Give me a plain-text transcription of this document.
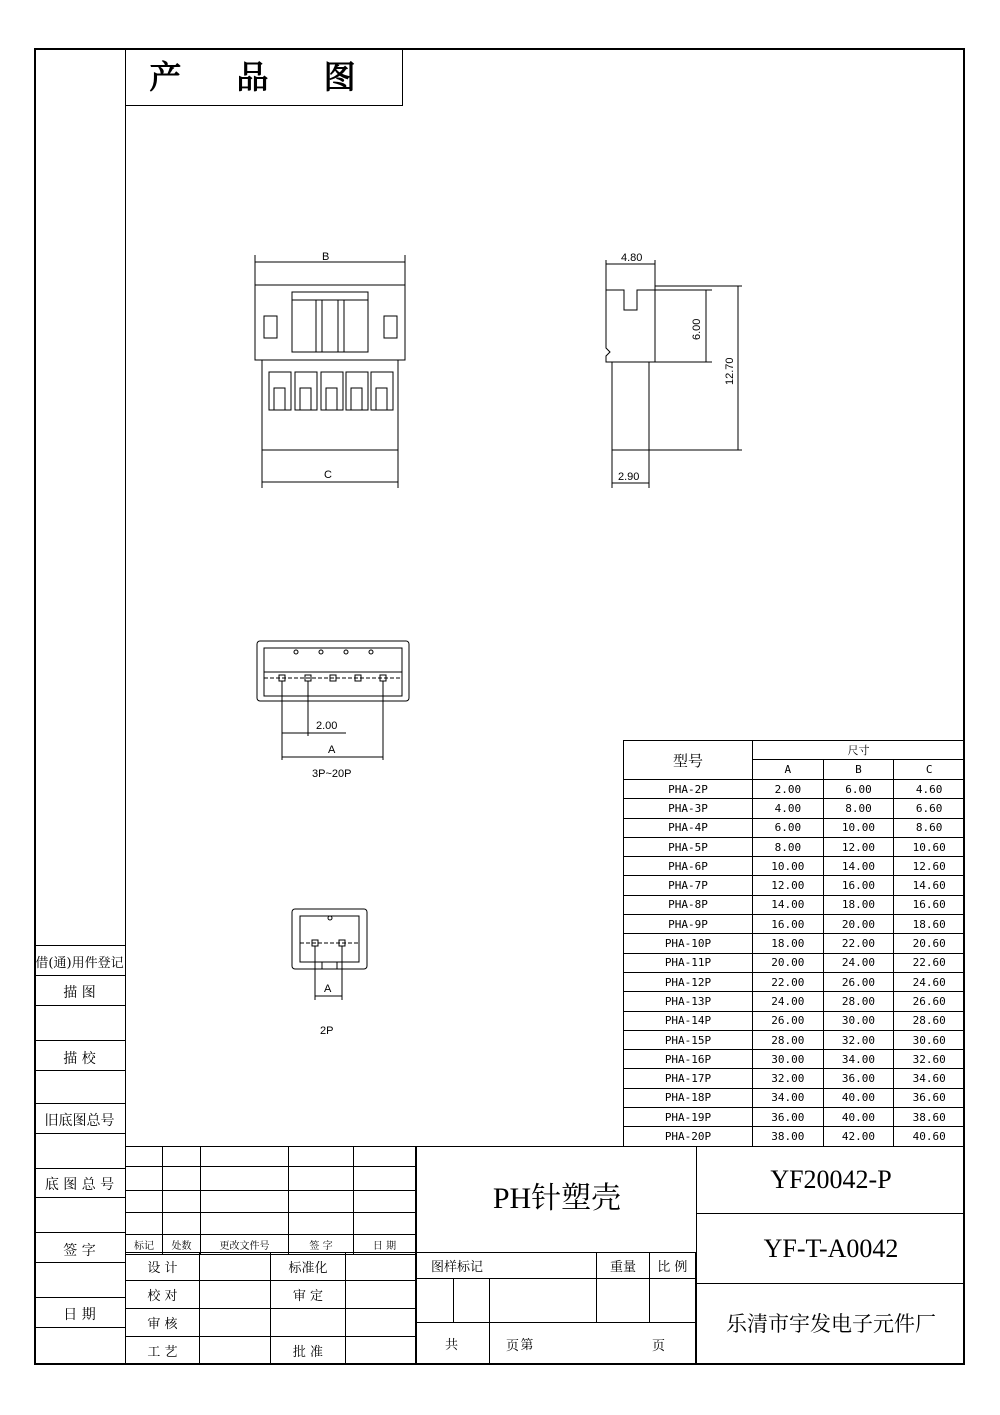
产 品 图
借(通)用件登记
描 图
描 校
旧底图总号
底 图 总 号
签 字
日 期
B
C
4.80
6.00
12.70
2.90
2.00
A
3P~20P
A
2P
型号	尺寸		
	A	B	C
PHA-2P	2.00	6.00	4.60
PHA-3P	4.00	8.00	6.60
PHA-4P	6.00	10.00	8.60
PHA-5P	8.00	12.00	10.60
PHA-6P	10.00	14.00	12.60
PHA-7P	12.00	16.00	14.60
PHA-8P	14.00	18.00	16.60
PHA-9P	16.00	20.00	18.60
PHA-10P	18.00	22.00	20.60
PHA-11P	20.00	24.00	22.60
PHA-12P	22.00	26.00	24.60
PHA-13P	24.00	28.00	26.60
PHA-14P	26.00	30.00	28.60
PHA-15P	28.00	32.00	30.60
PHA-16P	30.00	34.00	32.60
PHA-17P	32.00	36.00	34.60
PHA-18P	34.00	40.00	36.60
PHA-19P	36.00	40.00	38.60
PHA-20P	38.00	42.00	40.60

标记	处数	更改文件号	签 字	日 期
设 计		标准化	
校 对		审 定	
审 核			
工 艺		批 准	
PH针塑壳
图样标记			重量	比 例

共		第		
页	页
YF20042-P
YF-T-A0042
乐清市宇发电子元件厂
